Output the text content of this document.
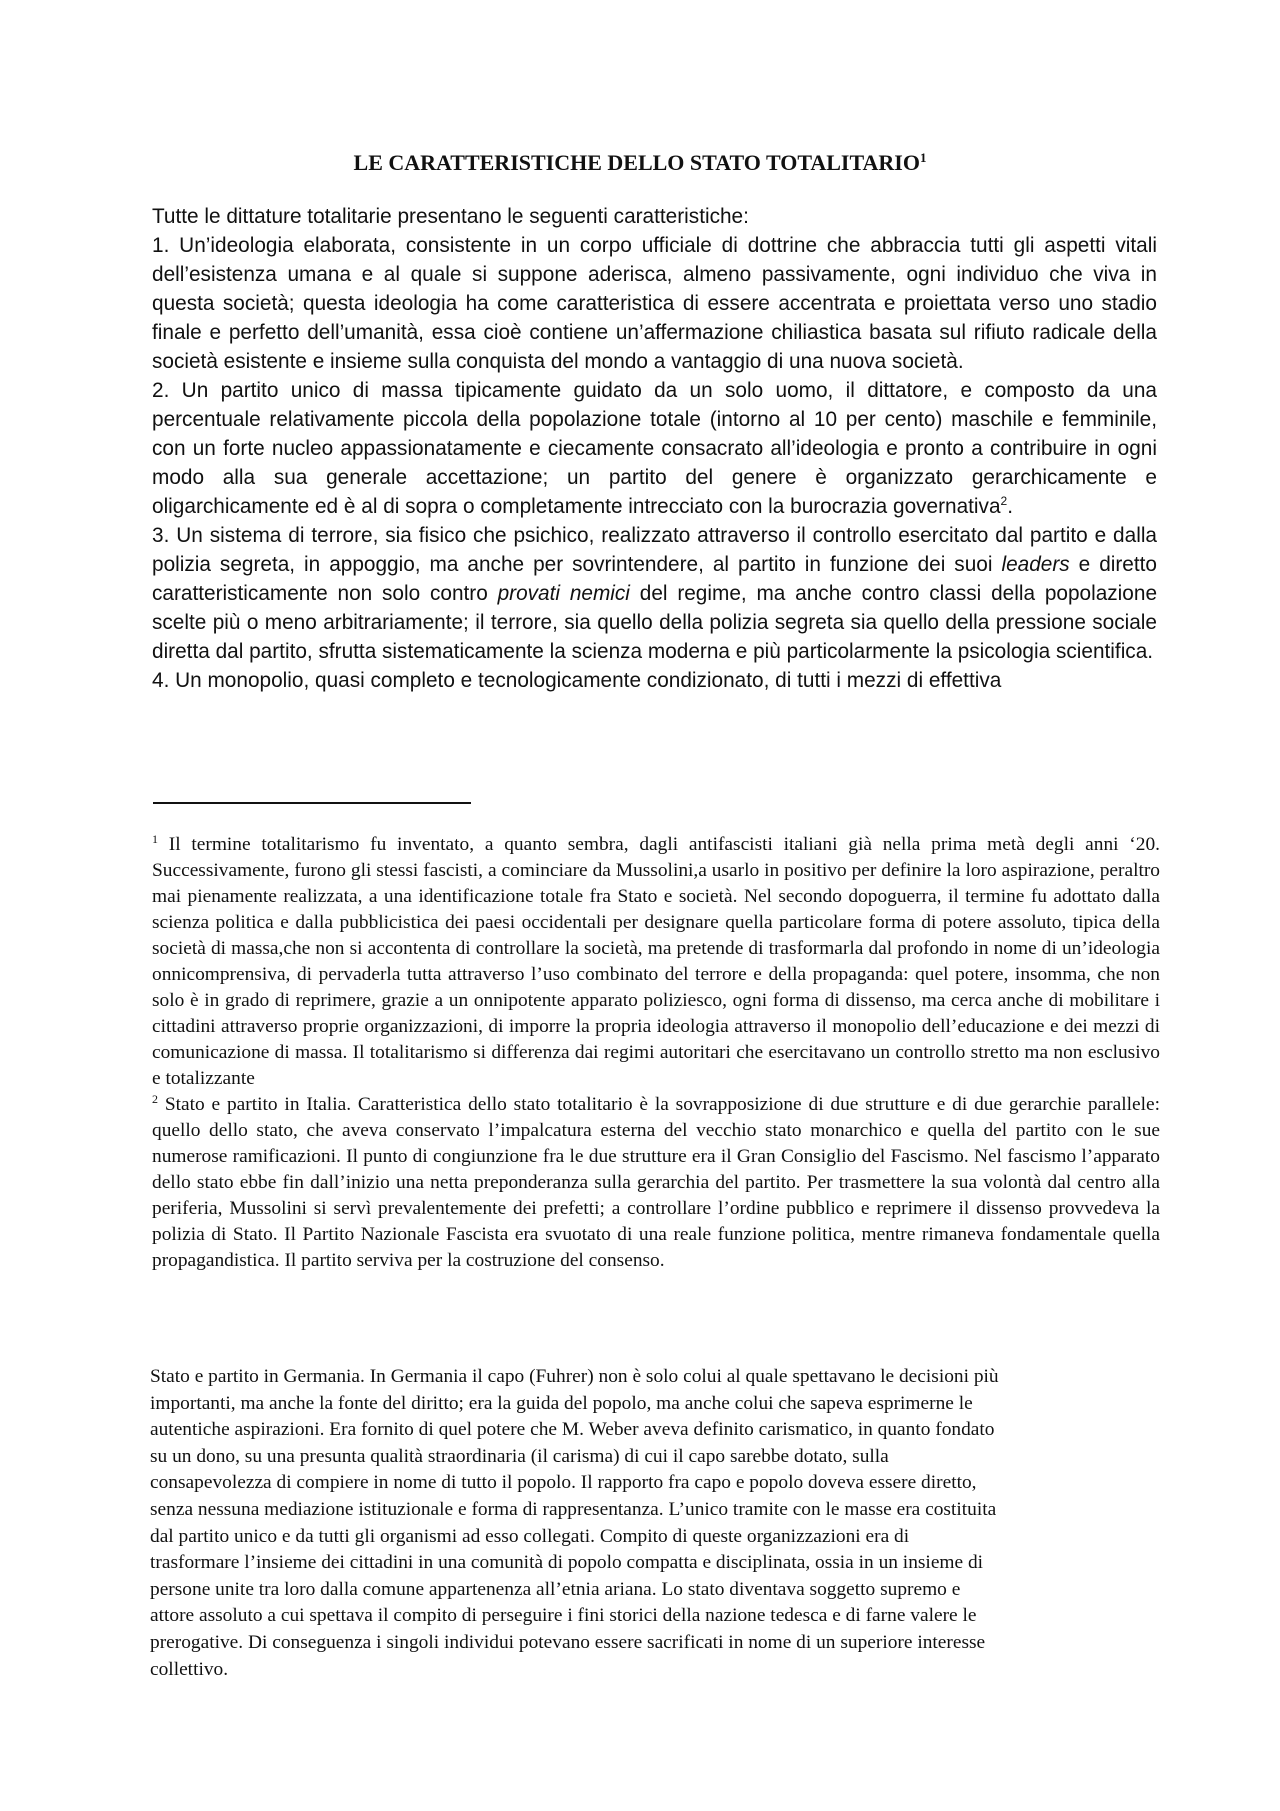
LE CARATTERISTICHE DELLO STATO TOTALITARIO$^1$

Tutte le dittature totalitarie presentano le seguenti caratteristiche:

1. Un’ideologia elaborata, consistente in un corpo ufficiale di dottrine che abbraccia tutti gli aspetti vitali dell’esistenza umana e al quale si suppone aderisca, almeno passivamente, ogni individuo che viva in questa società; questa ideologia ha come caratteristica di essere accentrata e proiettata verso uno stadio finale e perfetto dell’umanità, essa cioè contiene un’affermazione chiliastica basata sul rifiuto radicale della società esistente e insieme sulla conquista del mondo a vantaggio di una nuova società.

2. Un partito unico di massa tipicamente guidato da un solo uomo, il dittatore, e composto da una percentuale relativamente piccola della popolazione totale (intorno al 10 per cento) maschile e femminile, con un forte nucleo appassionatamente e ciecamente consacrato all’ideologia e pronto a contribuire in ogni modo alla sua generale accettazione; un partito del genere è organizzato gerarchicamente e oligarchicamente ed è al di sopra o completamente intrecciato con la burocrazia governativa$^2$.

3. Un sistema di terrore, sia fisico che psichico, realizzato attraverso il controllo esercitato dal partito e dalla polizia segreta, in appoggio, ma anche per sovrintendere, al partito in funzione dei suoi leaders e diretto caratteristicamente non solo contro provati nemici del regime, ma anche contro classi della popolazione scelte più o meno arbitrariamente; il terrore, sia quello della polizia segreta sia quello della pressione sociale diretta dal partito, sfrutta sistematicamente la scienza moderna e più particolarmente la psicologia scientifica.

4. Un monopolio, quasi completo e tecnologicamente condizionato, di tutti i mezzi di effettiva

$^1$ Il termine totalitarismo fu inventato, a quanto sembra, dagli antifascisti italiani già nella prima metà degli anni ‘20. Successivamente, furono gli stessi fascisti, a cominciare da Mussolini,a usarlo in positivo per definire la loro aspirazione, peraltro mai pienamente realizzata, a una identificazione totale fra Stato e società. Nel secondo dopoguerra, il termine fu adottato dalla scienza politica e dalla pubblicistica dei paesi occidentali per designare quella particolare forma di potere assoluto, tipica della società di massa,che non si accontenta di controllare la società, ma pretende di trasformarla dal profondo in nome di un’ideologia onnicomprensiva, di pervaderla tutta attraverso l’uso combinato del terrore e della propaganda: quel potere, insomma, che non solo è in grado di reprimere, grazie a un onnipotente apparato poliziesco, ogni forma di dissenso, ma cerca anche di mobilitare i cittadini attraverso proprie organizzazioni, di imporre la propria ideologia attraverso il monopolio dell’educazione e dei mezzi di comunicazione di massa. Il totalitarismo si differenza dai regimi autoritari che esercitavano un controllo stretto ma non esclusivo e totalizzante

$^2$ Stato e partito in Italia. Caratteristica dello stato totalitario è la sovrapposizione di due strutture e di due gerarchie parallele: quello dello stato, che aveva conservato l’impalcatura esterna del vecchio stato monarchico e quella del partito con le sue numerose ramificazioni. Il punto di congiunzione fra le due strutture era il Gran Consiglio del Fascismo. Nel fascismo l’apparato dello stato ebbe fin dall’inizio una netta preponderanza sulla gerarchia del partito. Per trasmettere la sua volontà dal centro alla periferia, Mussolini si servì prevalentemente dei prefetti; a controllare l’ordine pubblico e reprimere il dissenso provvedeva la polizia di Stato. Il Partito Nazionale Fascista era svuotato di una reale funzione politica, mentre rimaneva fondamentale quella propagandistica. Il partito serviva per la costruzione del consenso.

Stato e partito in Germania. In Germania il capo (Fuhrer) non è solo colui al quale spettavano le decisioni più

importanti, ma anche la fonte del diritto; era la guida del popolo, ma anche colui che sapeva esprimerne le

autentiche aspirazioni. Era fornito di quel potere che M. Weber aveva definito carismatico, in quanto fondato

su un dono, su una presunta qualità straordinaria (il carisma) di cui il capo sarebbe dotato, sulla

consapevolezza di compiere in nome di tutto il popolo. Il rapporto fra capo e popolo doveva essere diretto,

senza nessuna mediazione istituzionale e forma di rappresentanza. L’unico tramite con le masse era costituita

dal partito unico e da tutti gli organismi ad esso collegati. Compito di queste organizzazioni era di

trasformare l’insieme dei cittadini in una comunità di popolo compatta e disciplinata, ossia in un insieme di

persone unite tra loro dalla comune appartenenza all’etnia ariana. Lo stato diventava soggetto supremo e

attore assoluto a cui spettava il compito di perseguire i fini storici della nazione tedesca e di farne valere le

prerogative. Di conseguenza i singoli individui potevano essere sacrificati in nome di un superiore interesse

collettivo.
